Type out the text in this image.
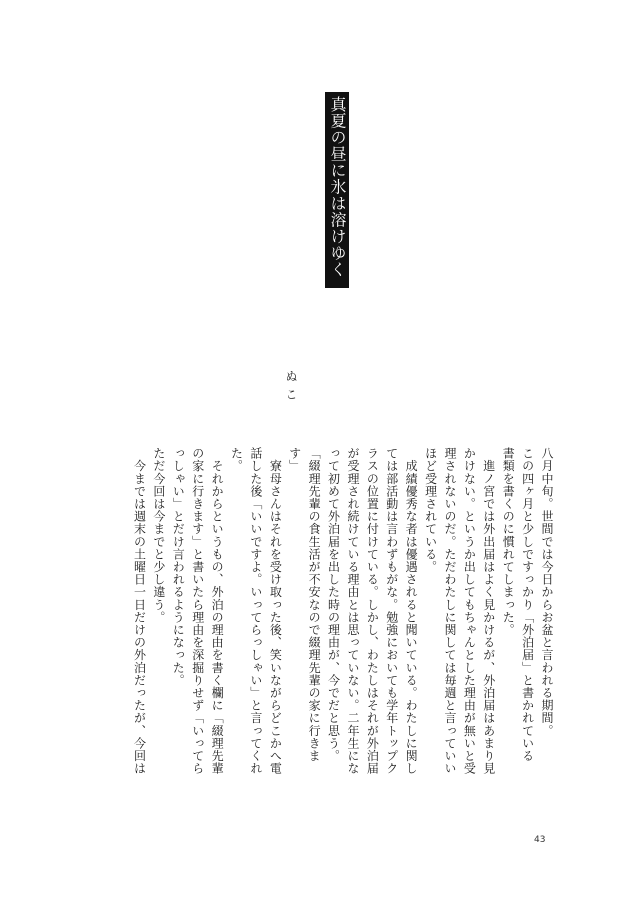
真夏の昼に氷は溶けゆく
ぬこ

八月中旬。世間では今日からお盆と言われる期間。

この四ヶ月と少しですっかり「外泊届」と書かれている

書類を書くのに慣れてしまった。

　進ノ宮では外出届はよく見かけるが、外泊届はあまり見

かけない。というか出してもちゃんとした理由が無いと受

理されないのだ。ただわたしに関しては毎週と言っていい

ほど受理されている。

　成績優秀な者は優遇されると聞いている。わたしに関し

ては部活動は言わずもがな。勉強においても学年トップク

ラスの位置に付けている。しかし、わたしはそれが外泊届

が受理され続けている理由とは思っていない。二年生にな

って初めて外泊届を出した時の理由が、今でだと思う。

「綴理先輩の食生活が不安なので綴理先輩の家に行きま

す」

　寮母さんはそれを受け取った後、笑いながらどこかへ電

話した後「いいですよ。いってらっしゃい」と言ってくれ

た。

　それからというもの、外泊の理由を書く欄に「綴理先輩

の家に行きます」と書いたら理由を深掘りせず「いってら

っしゃい」とだけ言われるようになった。

ただ今回は今までと少し違う。

　今までは週末の土曜日一日だけの外泊だったが、今回は

43
